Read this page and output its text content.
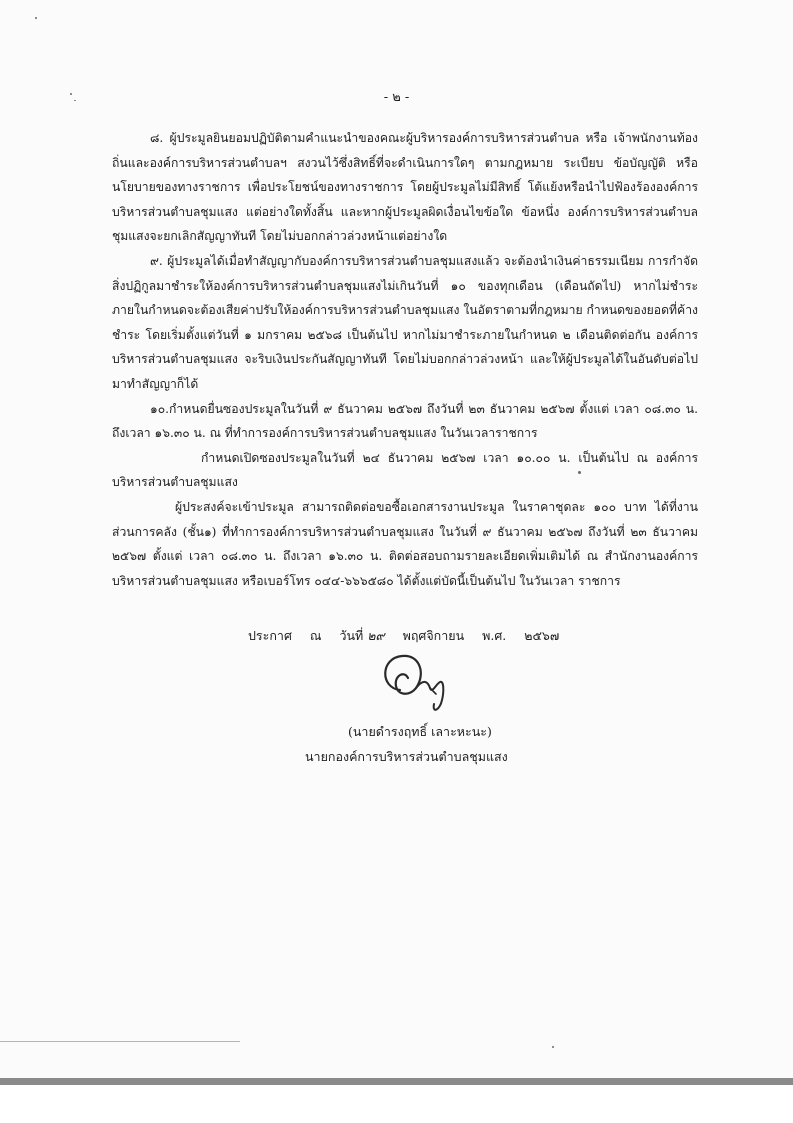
- ๒ -

๘. ผู้ประมูลยินยอมปฏิบัติตามคำแนะนำของคณะผู้บริหารองค์การบริหารส่วนตำบล หรือ เจ้าพนักงานท้องถิ่นและองค์การบริหารส่วนตำบลฯ สงวนไว้ซึ่งสิทธิ์ที่จะดำเนินการใดๆ ตามกฎหมาย ระเบียบ ข้อบัญญัติ หรือนโยบายของทางราชการ เพื่อประโยชน์ของทางราชการ โดยผู้ประมูลไม่มีสิทธิ์ โต้แย้งหรือนำไปฟ้องร้ององค์การบริหารส่วนตำบลชุมแสง แต่อย่างใดทั้งสิ้น และหากผู้ประมูลผิดเงื่อนไขข้อใด ข้อหนึ่ง องค์การบริหารส่วนตำบลชุมแสงจะยกเลิกสัญญาทันที โดยไม่บอกกล่าวล่วงหน้าแต่อย่างใด

๙. ผู้ประมูลได้เมื่อทำสัญญากับองค์การบริหารส่วนตำบลชุมแสงแล้ว จะต้องนำเงินค่าธรรมเนียม การกำจัดสิ่งปฏิกูลมาชำระให้องค์การบริหารส่วนตำบลชุมแสงไม่เกินวันที่ ๑๐ ของทุกเดือน (เดือนถัดไป) หากไม่ชำระภายในกำหนดจะต้องเสียค่าปรับให้องค์การบริหารส่วนตำบลชุมแสง ในอัตราตามที่กฎหมาย กำหนดของยอดที่ค้างชำระ โดยเริ่มตั้งแต่วันที่ ๑ มกราคม ๒๕๖๘ เป็นต้นไป หากไม่มาชำระภายในกำหนด ๒ เดือนติดต่อกัน องค์การบริหารส่วนตำบลชุมแสง จะริบเงินประกันสัญญาทันที โดยไม่บอกกล่าวล่วงหน้า และให้ผู้ประมูลได้ในอันดับต่อไปมาทำสัญญาก็ได้

๑๐.กำหนดยื่นซองประมูลในวันที่ ๙ ธันวาคม ๒๕๖๗ ถึงวันที่ ๒๓ ธันวาคม ๒๕๖๗ ตั้งแต่ เวลา ๐๘.๓๐ น. ถึงเวลา ๑๖.๓๐ น. ณ ที่ทำการองค์การบริหารส่วนตำบลชุมแสง ในวันเวลาราชการ

กำหนดเปิดซองประมูลในวันที่ ๒๔ ธันวาคม ๒๕๖๗ เวลา ๑๐.๐๐ น. เป็นต้นไป ณ องค์การ บริหารส่วนตำบลชุมแสง

ผู้ประสงค์จะเข้าประมูล สามารถติดต่อขอซื้อเอกสารงานประมูล ในราคาชุดละ ๑๐๐ บาท ได้ที่งานส่วนการคลัง (ชั้น๑) ที่ทำการองค์การบริหารส่วนตำบลชุมแสง ในวันที่ ๙ ธันวาคม ๒๕๖๗ ถึงวันที่ ๒๓ ธันวาคม ๒๕๖๗ ตั้งแต่ เวลา ๐๘.๓๐ น. ถึงเวลา ๑๖.๓๐ น. ติดต่อสอบถามรายละเอียดเพิ่มเติมได้ ณ สำนักงานองค์การบริหารส่วนตำบลชุมแสง หรือเบอร์โทร ๐๔๔-๖๖๖๕๘๐ ได้ตั้งแต่บัดนี้เป็นต้นไป ในวันเวลา ราชการ

ประกาศ ณ วันที่ ๒๙ พฤศจิกายน พ.ศ. ๒๕๖๗
(นายดำรงฤทธิ์ เลาะหะนะ)
นายกองค์การบริหารส่วนตำบลชุมแสง
